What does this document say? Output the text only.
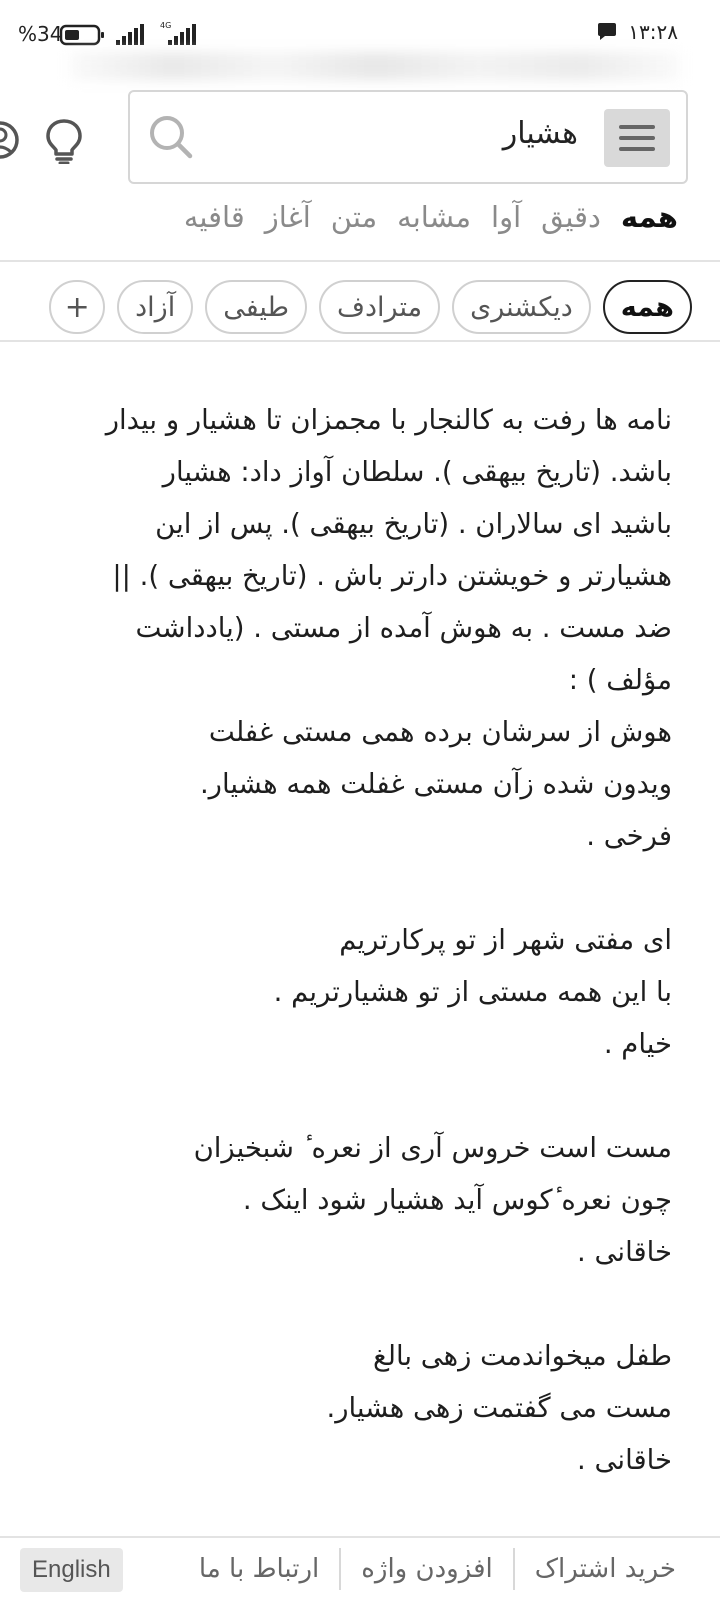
%34	4G	۱۳:۲۸
هشیار
همه
دقیق
آوا
مشابه
متن
آغاز
قافیه
همه
دیکشنری
مترادف
طیفی
آزاد
+

نامه ها رفت به کالنجار با مجمزان تا هشیار و بیدار

باشد. (تاریخ بیهقی ). سلطان آواز داد: هشیار

باشید ای سالاران . (تاریخ بیهقی ). پس از این

هشیارتر و خویشتن دارتر باش . (تاریخ بیهقی ). ||

ضد مست . به هوش آمده از مستی . (یادداشت

مؤلف ) :

هوش از سرشان برده همی مستی غفلت

ویدون شده زآن مستی غفلت همه هشیار.

فرخی .

ای مفتی شهر از تو پرکارتریم

با این همه مستی از تو هشیارتریم .

خیام .

مست است خروس آری از نعره ٔ شبخیزان

چون نعره ٔکوس آید هشیار شود اینک .

خاقانی .

طفل میخواندمت زهی بالغ

مست می گفتمت زهی هشیار.

خاقانی .

خرید اشتراک
افزودن واژه
ارتباط با ما
English
